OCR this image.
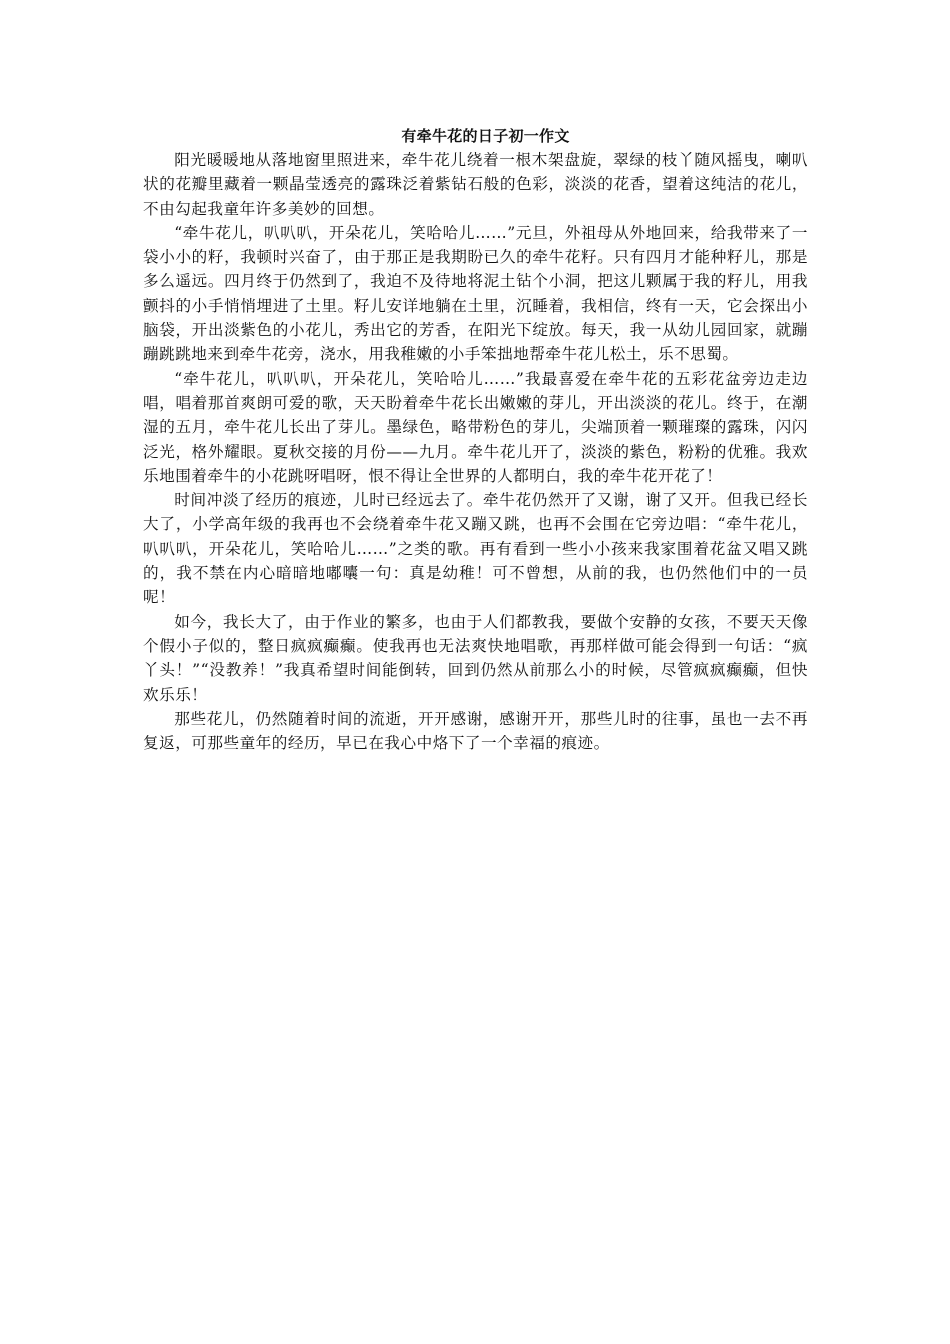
有牵牛花的日子初一作文

阳光暖暖地从落地窗里照进来，牵牛花儿绕着一根木架盘旋，翠绿的枝丫随风摇曳，喇叭状的花瓣里藏着一颗晶莹透亮的露珠泛着紫钻石般的色彩，淡淡的花香，望着这纯洁的花儿，不由勾起我童年许多美妙的回想。

“牵牛花儿，叭叭叭，开朵花儿，笑哈哈儿……”元旦，外祖母从外地回来，给我带来了一袋小小的籽，我顿时兴奋了，由于那正是我期盼已久的牵牛花籽。只有四月才能种籽儿，那是多么遥远。四月终于仍然到了，我迫不及待地将泥土钻个小洞，把这儿颗属于我的籽儿，用我颤抖的小手悄悄埋进了土里。籽儿安详地躺在土里，沉睡着，我相信，终有一天，它会探出小脑袋，开出淡紫色的小花儿，秀出它的芳香，在阳光下绽放。每天，我一从幼儿园回家，就蹦蹦跳跳地来到牵牛花旁，浇水，用我稚嫩的小手笨拙地帮牵牛花儿松土，乐不思蜀。

“牵牛花儿，叭叭叭，开朵花儿，笑哈哈儿……”我最喜爱在牵牛花的五彩花盆旁边走边唱，唱着那首爽朗可爱的歌，天天盼着牵牛花长出嫩嫩的芽儿，开出淡淡的花儿。终于，在潮湿的五月，牵牛花儿长出了芽儿。墨绿色，略带粉色的芽儿，尖端顶着一颗璀璨的露珠，闪闪泛光，格外耀眼。夏秋交接的月份——九月。牵牛花儿开了，淡淡的紫色，粉粉的优雅。我欢乐地围着牵牛的小花跳呀唱呀，恨不得让全世界的人都明白，我的牵牛花开花了！

时间冲淡了经历的痕迹，儿时已经远去了。牵牛花仍然开了又谢，谢了又开。但我已经长大了，小学高年级的我再也不会绕着牵牛花又蹦又跳，也再不会围在它旁边唱：“牵牛花儿，叭叭叭，开朵花儿，笑哈哈儿……”之类的歌。再有看到一些小小孩来我家围着花盆又唱又跳的，我不禁在内心暗暗地嘟囔一句：真是幼稚！可不曾想，从前的我，也仍然他们中的一员呢！

如今，我长大了，由于作业的繁多，也由于人们都教我，要做个安静的女孩，不要天天像个假小子似的，整日疯疯癫癫。使我再也无法爽快地唱歌，再那样做可能会得到一句话：“疯丫头！”“没教养！”我真希望时间能倒转，回到仍然从前那么小的时候，尽管疯疯癫癫，但快欢乐乐！

那些花儿，仍然随着时间的流逝，开开感谢，感谢开开，那些儿时的往事，虽也一去不再复返，可那些童年的经历，早已在我心中烙下了一个幸福的痕迹。
